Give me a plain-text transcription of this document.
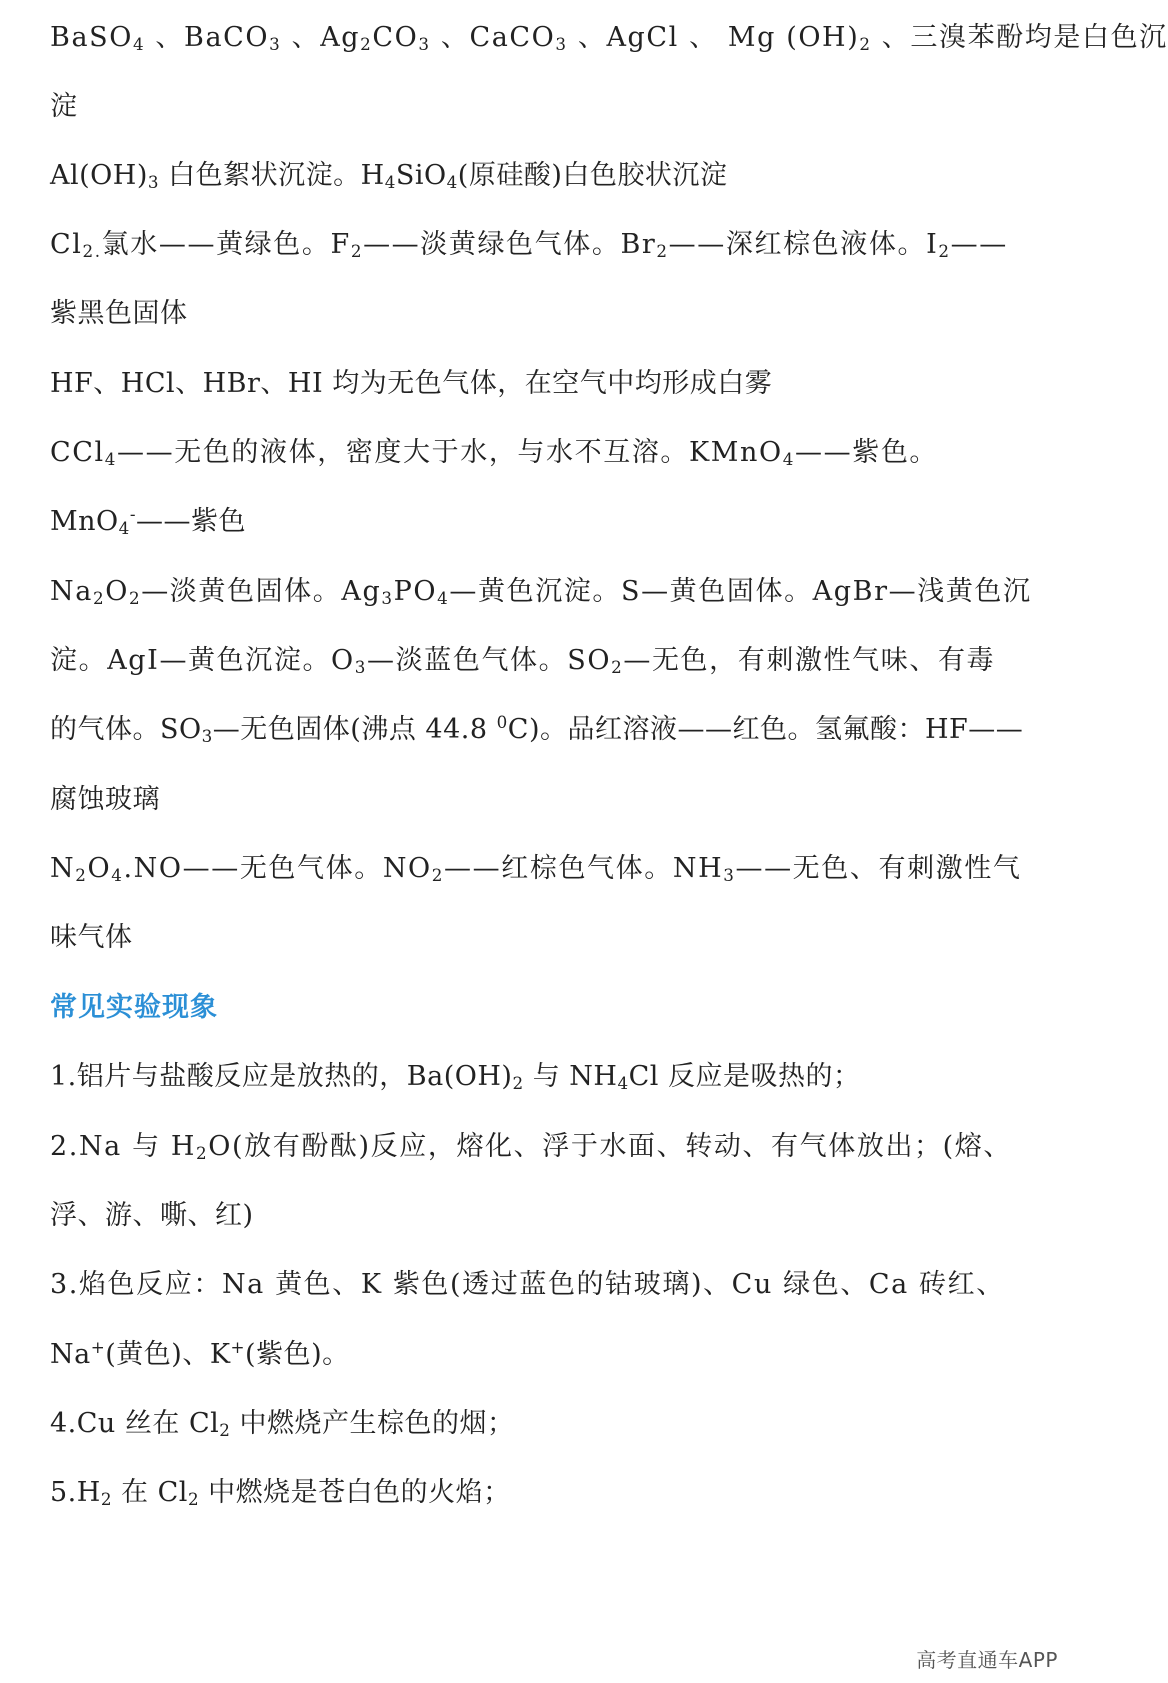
BaSO$_4$ 、BaCO$_3$ 、$Ag_2CO_3$ 、CaCO$_3$ 、AgCl 、 Mg $(OH)_2$ 、三溴苯酚均是白色沉
淀
$Al(OH)_3$ 白色絮状沉淀。$H_4SiO_4$(原硅酸)白色胶状沉淀
$Cl_{2.}$氯水——黄绿色。$F_2——$淡黄绿色气体。$Br_2——$深红棕色液体。$I_2——$
紫黑色固体
HF、HCl、HBr、HI 均为无色气体，在空气中均形成白雾
CCl$_4$——无色的液体，密度大于水，与水不互溶。KMnO$_4$——紫色。
MnO$_4$-——紫色
$Na_2O_2—$淡黄色固体。$Ag_3PO_4—$黄色沉淀。S—黄色固体。AgBr—浅黄色沉
淀。AgI—黄色沉淀。$O_3—$淡蓝色气体。$SO_2—$无色，有刺激性气味、有毒
的气体。$SO_3—$无色固体(沸点 44.8 $^0$C)。品红溶液——红色。氢氟酸：HF——
腐蚀玻璃
$N_2O_4.NO——$无色气体。$NO_2——$红棕色气体。$NH_3——$无色、有刺激性气
味气体
常见实验现象
1.铝片与盐酸反应是放热的，$Ba(OH)_2$ 与 $NH_4Cl$ 反应是吸热的；
2.Na 与 $H_2O$(放有酚酞)反应，熔化、浮于水面、转动、有气体放出；(熔、
浮、游、嘶、红)
3.焰色反应：Na 黄色、K 紫色(透过蓝色的钴玻璃)、Cu 绿色、Ca 砖红、
Na+(黄色)、K+(紫色)。
4.Cu 丝在 $Cl_2$ 中燃烧产生棕色的烟；
$5.H_2$ 在 $Cl_2$ 中燃烧是苍白色的火焰；
高考直通车APP
